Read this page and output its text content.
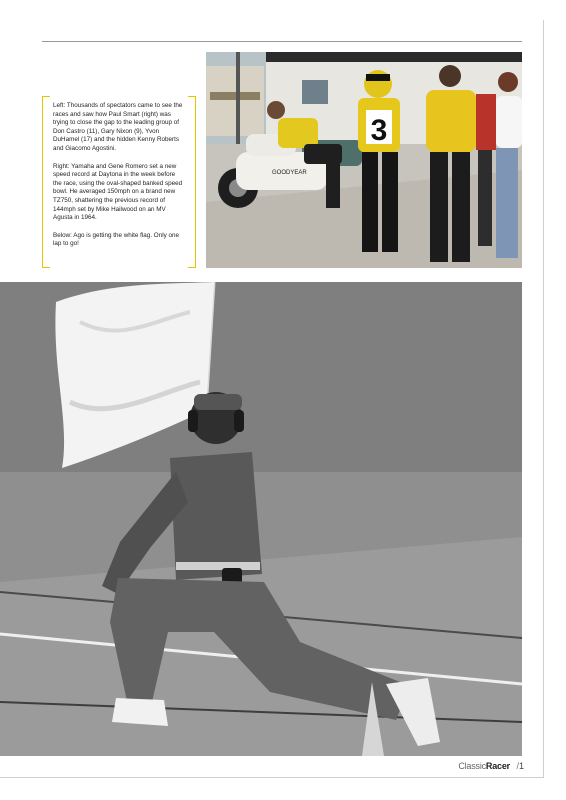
Left: Thousands of spectators came to see the races and saw how Paul Smart (right) was trying to close the gap to the leading group of Don Castro (11), Gary Nixon (9), Yvon DuHamel (17) and the hidden Kenny Roberts and Giacomo Agostini.

Right: Yamaha and Gene Romero set a new speed record at Daytona in the week before the race, using the oval-shaped banked speed bowl. He averaged 150mph on a brand new TZ750, shattering the previous record of 144mph set by Mike Hailwood on an MV Agusta in 1964.

Below: Ago is getting the white flag. Only one lap to go!

GOODYEAR
3
ClassicRacer /1
